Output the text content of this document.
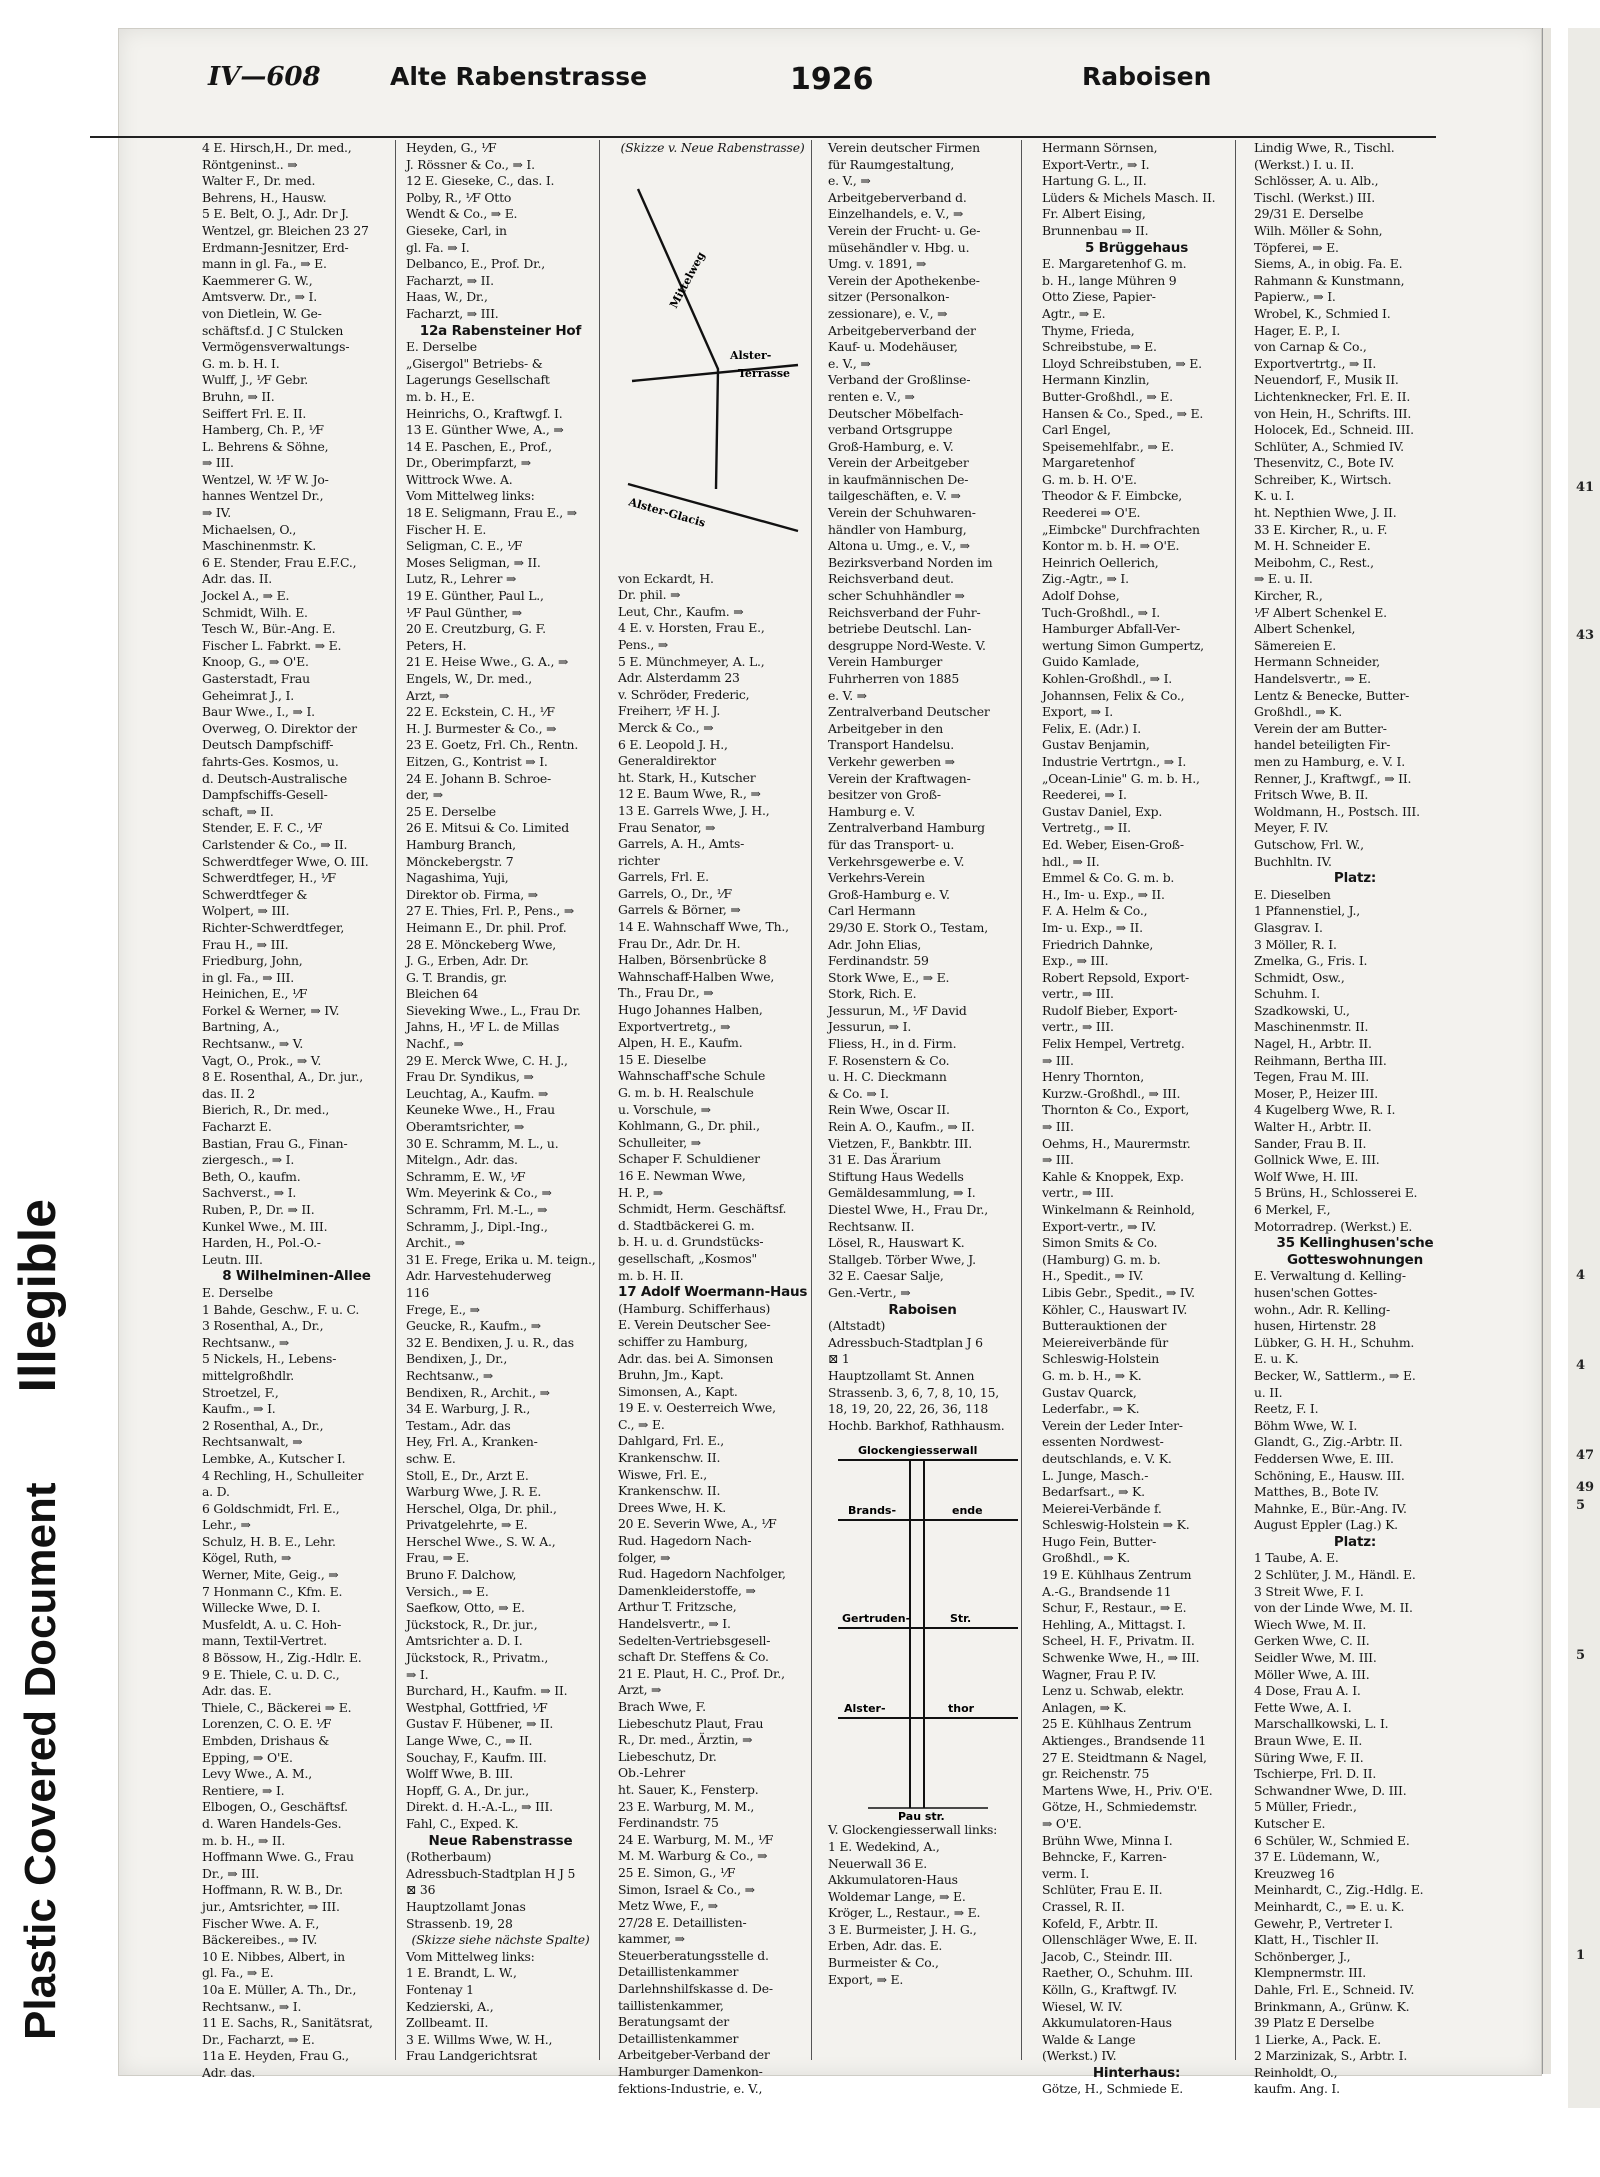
Plastic Covered DocumentIllegible
41
43
4
4
47
49
5
5
1
IV—608	Alte Rabenstrasse	1926	Raboisen
4 E. Hirsch,H., Dr. med.,
Röntgeninst.. ⇒
Walter F., Dr. med.
Behrens, H., Hausw.
5 E. Belt, O. J., Adr. Dr J.
Wentzel, gr. Bleichen 23 27
Erdmann-Jesnitzer, Erd-
mann in gl. Fa., ⇒ E.
Kaemmerer G. W.,
Amtsverw. Dr., ⇒ I.
von Dietlein, W. Ge-
schäftsf.d. J C Stulcken
Vermögensverwaltungs-
G. m. b. H. I.
Wulff, J., ⅟F Gebr.
Bruhn, ⇒ II.
Seiffert Frl. E. II.
Hamberg, Ch. P., ⅟F
L. Behrens & Söhne,
⇒ III.
Wentzel, W. ⅟F W. Jo-
hannes Wentzel Dr.,
⇒ IV.
Michaelsen, O.,
Maschinenmstr. K.
6 E. Stender, Frau E.F.C.,
Adr. das. II.
Jockel A., ⇒ E.
Schmidt, Wilh. E.
Tesch W., Bür.-Ang. E.
Fischer L. Fabrkt. ⇒ E.
Knoop, G., ⇒ O'E.
Gasterstadt, Frau
Geheimrat J., I.
Baur Wwe., I., ⇒ I.
Overweg, O. Direktor der
Deutsch Dampfschiff-
fahrts-Ges. Kosmos, u.
d. Deutsch-Australische
Dampfschiffs-Gesell-
schaft, ⇒ II.
Stender, E. F. C., ⅟F
Carlstender & Co., ⇒ II.
Schwerdtfeger Wwe, O. III.
Schwerdtfeger, H., ⅟F
Schwerdtfeger &
Wolpert, ⇒ III.
Richter-Schwerdtfeger,
Frau H., ⇒ III.
Friedburg, John,
in gl. Fa., ⇒ III.
Heinichen, E., ⅟F
Forkel & Werner, ⇒ IV.
Bartning, A.,
Rechtsanw., ⇒ V.
Vagt, O., Prok., ⇒ V.
8 E. Rosenthal, A., Dr. jur.,
das. II. 2
Bierich, R., Dr. med.,
Facharzt E.
Bastian, Frau G., Finan-
ziergesch., ⇒ I.
Beth, O., kaufm.
Sachverst., ⇒ I.
Ruben, P., Dr. ⇒ II.
Kunkel Wwe., M. III.
Harden, H., Pol.-O.-
Leutn. III.
8 Wilhelminen-Allee
E. Derselbe
1 Bahde, Geschw., F. u. C.
3 Rosenthal, A., Dr.,
Rechtsanw., ⇒
5 Nickels, H., Lebens-
mittelgroßhdlr.
Stroetzel, F.,
Kaufm., ⇒ I.
2 Rosenthal, A., Dr.,
Rechtsanwalt, ⇒
Lembke, A., Kutscher I.
4 Rechling, H., Schulleiter
a. D.
6 Goldschmidt, Frl. E.,
Lehr., ⇒
Schulz, H. B. E., Lehr.
Kögel, Ruth, ⇒
Werner, Mite, Geig., ⇒
7 Honmann C., Kfm. E.
Willecke Wwe, D. I.
Musfeldt, A. u. C. Hoh-
mann, Textil-Vertret.
8 Bössow, H., Zig.-Hdlr. E.
9 E. Thiele, C. u. D. C.,
Adr. das. E.
Thiele, C., Bäckerei ⇒ E.
Lorenzen, C. O. E. ⅟F
Embden, Drishaus &
Epping, ⇒ O'E.
Levy Wwe., A. M.,
Rentiere, ⇒ I.
Elbogen, O., Geschäftsf.
d. Waren Handels-Ges.
m. b. H., ⇒ II.
Hoffmann Wwe. G., Frau
Dr., ⇒ III.
Hoffmann, R. W. B., Dr.
jur., Amtsrichter, ⇒ III.
Fischer Wwe. A. F.,
Bäckereibes., ⇒ IV.
10 E. Nibbes, Albert, in
gl. Fa., ⇒ E.
10a E. Müller, A. Th., Dr.,
Rechtsanw., ⇒ I.
11 E. Sachs, R., Sanitätsrat,
Dr., Facharzt, ⇒ E.
11a E. Heyden, Frau G.,
Adr. das.
Heyden, G., ⅟F
J. Rössner & Co., ⇒ I.
12 E. Gieseke, C., das. I.
Polby, R., ⅟F Otto
Wendt & Co., ⇒ E.
Gieseke, Carl, in
gl. Fa. ⇒ I.
Delbanco, E., Prof. Dr.,
Facharzt, ⇒ II.
Haas, W., Dr.,
Facharzt, ⇒ III.
12a Rabensteiner Hof
E. Derselbe
„Gisergol" Betriebs- &
Lagerungs Gesellschaft
m. b. H., E.
Heinrichs, O., Kraftwgf. I.
13 E. Günther Wwe, A., ⇒
14 E. Paschen, E., Prof.,
Dr., Oberimpfarzt, ⇒
Wittrock Wwe. A.
Vom Mittelweg links:
18 E. Seligmann, Frau E., ⇒
Fischer H. E.
Seligman, C. E., ⅟F
Moses Seligman, ⇒ II.
Lutz, R., Lehrer ⇒
19 E. Günther, Paul L.,
⅟F Paul Günther, ⇒
20 E. Creutzburg, G. F.
Peters, H.
21 E. Heise Wwe., G. A., ⇒
Engels, W., Dr. med.,
Arzt, ⇒
22 E. Eckstein, C. H., ⅟F
H. J. Burmester & Co., ⇒
23 E. Goetz, Frl. Ch., Rentn.
Eitzen, G., Kontrist ⇒ I.
24 E. Johann B. Schroe-
der, ⇒
25 E. Derselbe
26 E. Mitsui & Co. Limited
Hamburg Branch,
Mönckebergstr. 7
Nagashima, Yuji,
Direktor ob. Firma, ⇒
27 E. Thies, Frl. P., Pens., ⇒
Heimann E., Dr. phil. Prof.
28 E. Mönckeberg Wwe,
J. G., Erben, Adr. Dr.
G. T. Brandis, gr.
Bleichen 64
Sieveking Wwe., L., Frau Dr.
Jahns, H., ⅟F L. de Millas
Nachf., ⇒
29 E. Merck Wwe, C. H. J.,
Frau Dr. Syndikus, ⇒
Leuchtag, A., Kaufm. ⇒
Keuneke Wwe., H., Frau
Oberamtsrichter, ⇒
30 E. Schramm, M. L., u.
Mitelgn., Adr. das.
Schramm, E. W., ⅟F
Wm. Meyerink & Co., ⇒
Schramm, Frl. M.-L., ⇒
Schramm, J., Dipl.-Ing.,
Archit., ⇒
31 E. Frege, Erika u. M. teign.,
Adr. Harvestehuderweg
116
Frege, E., ⇒
Geucke, R., Kaufm., ⇒
32 E. Bendixen, J. u. R., das
Bendixen, J., Dr.,
Rechtsanw., ⇒
Bendixen, R., Archit., ⇒
34 E. Warburg, J. R.,
Testam., Adr. das
Hey, Frl. A., Kranken-
schw. E.
Stoll, E., Dr., Arzt E.
Warburg Wwe, J. R. E.
Herschel, Olga, Dr. phil.,
Privatgelehrte, ⇒ E.
Herschel Wwe., S. W. A.,
Frau, ⇒ E.
Bruno F. Dalchow,
Versich., ⇒ E.
Saefkow, Otto, ⇒ E.
Jückstock, R., Dr. jur.,
Amtsrichter a. D. I.
Jückstock, R., Privatm.,
⇒ I.
Burchard, H., Kaufm. ⇒ II.
Westphal, Gottfried, ⅟F
Gustav F. Hübener, ⇒ II.
Lange Wwe, C., ⇒ II.
Souchay, F., Kaufm. III.
Wolff Wwe, B. III.
Hopff, G. A., Dr. jur.,
Direkt. d. H.-A.-L., ⇒ III.
Fahl, C., Exped. K.
Neue Rabenstrasse
(Rotherbaum)
Adressbuch-Stadtplan H J 5
⊠ 36
Hauptzollamt Jonas
Strassenb. 19, 28
(Skizze siehe nächste Spalte)
Vom Mittelweg links:
1 E. Brandt, L. W.,
Fontenay 1
Kedzierski, A.,
Zollbeamt. II.
3 E. Willms Wwe, W. H.,
Frau Landgerichtsrat
(Skizze v. Neue Rabenstrasse)
Mittelweg
Alster-
Terrasse
Alster-Glacis
von Eckardt, H.
Dr. phil. ⇒
Leut, Chr., Kaufm. ⇒
4 E. v. Horsten, Frau E.,
Pens., ⇒
5 E. Münchmeyer, A. L.,
Adr. Alsterdamm 23
v. Schröder, Frederic,
Freiherr, ⅟F H. J.
Merck & Co., ⇒
6 E. Leopold J. H.,
Generaldirektor
ht. Stark, H., Kutscher
12 E. Baum Wwe, R., ⇒
13 E. Garrels Wwe, J. H.,
Frau Senator, ⇒
Garrels, A. H., Amts-
richter
Garrels, Frl. E.
Garrels, O., Dr., ⅟F
Garrels & Börner, ⇒
14 E. Wahnschaff Wwe, Th.,
Frau Dr., Adr. Dr. H.
Halben, Börsenbrücke 8
Wahnschaff-Halben Wwe,
Th., Frau Dr., ⇒
Hugo Johannes Halben,
Exportvertretg., ⇒
Alpen, H. E., Kaufm.
15 E. Dieselbe
Wahnschaff'sche Schule
G. m. b. H. Realschule
u. Vorschule, ⇒
Kohlmann, G., Dr. phil.,
Schulleiter, ⇒
Schaper F. Schuldiener
16 E. Newman Wwe,
H. P., ⇒
Schmidt, Herm. Geschäftsf.
d. Stadtbäckerei G. m.
b. H. u. d. Grundstücks-
gesellschaft, „Kosmos"
m. b. H. II.
17 Adolf Woermann-Haus
(Hamburg. Schifferhaus)
E. Verein Deutscher See-
schiffer zu Hamburg,
Adr. das. bei A. Simonsen
Bruhn, Jm., Kapt.
Simonsen, A., Kapt.
19 E. v. Oesterreich Wwe,
C., ⇒ E.
Dahlgard, Frl. E.,
Krankenschw. II.
Wiswe, Frl. E.,
Krankenschw. II.
Drees Wwe, H. K.
20 E. Severin Wwe, A., ⅟F
Rud. Hagedorn Nach-
folger, ⇒
Rud. Hagedorn Nachfolger,
Damenkleiderstoffe, ⇒
Arthur T. Fritzsche,
Handelsvertr., ⇒ I.
Sedelten-Vertriebsgesell-
schaft Dr. Steffens & Co.
21 E. Plaut, H. C., Prof. Dr.,
Arzt, ⇒
Brach Wwe, F.
Liebeschutz Plaut, Frau
R., Dr. med., Ärztin, ⇒
Liebeschutz, Dr.
Ob.-Lehrer
ht. Sauer, K., Fensterp.
23 E. Warburg, M. M.,
Ferdinandstr. 75
24 E. Warburg, M. M., ⅟F
M. M. Warburg & Co., ⇒
25 E. Simon, G., ⅟F
Simon, Israel & Co., ⇒
Metz Wwe, F., ⇒
27/28 E. Detaillisten-
kammer, ⇒
Steuerberatungsstelle d.
Detaillistenkammer
Darlehnshilfskasse d. De-
taillistenkammer,
Beratungsamt der
Detaillistenkammer
Arbeitgeber-Verband der
Hamburger Damenkon-
fektions-Industrie, e. V.,
Verein deutscher Firmen
für Raumgestaltung,
e. V., ⇒
Arbeitgeberverband d.
Einzelhandels, e. V., ⇒
Verein der Frucht- u. Ge-
müsehändler v. Hbg. u.
Umg. v. 1891, ⇒
Verein der Apothekenbe-
sitzer (Personalkon-
zessionare), e. V., ⇒
Arbeitgeberverband der
Kauf- u. Modehäuser,
e. V., ⇒
Verband der Großlinse-
renten e. V., ⇒
Deutscher Möbelfach-
verband Ortsgruppe
Groß-Hamburg, e. V.
Verein der Arbeitgeber
in kaufmännischen De-
tailgeschäften, e. V. ⇒
Verein der Schuhwaren-
händler von Hamburg,
Altona u. Umg., e. V., ⇒
Bezirksverband Norden im
Reichsverband deut.
scher Schuhhändler ⇒
Reichsverband der Fuhr-
betriebe Deutschl. Lan-
desgruppe Nord-Weste. V.
Verein Hamburger
Fuhrherren von 1885
e. V. ⇒
Zentralverband Deutscher
Arbeitgeber in den
Transport Handelsu.
Verkehr gewerben ⇒
Verein der Kraftwagen-
besitzer von Groß-
Hamburg e. V.
Zentralverband Hamburg
für das Transport- u.
Verkehrsgewerbe e. V.
Verkehrs-Verein
Groß-Hamburg e. V.
Carl Hermann
29/30 E. Stork O., Testam,
Adr. John Elias,
Ferdinandstr. 59
Stork Wwe, E., ⇒ E.
Stork, Rich. E.
Jessurun, M., ⅟F David
Jessurun, ⇒ I.
Fliess, H., in d. Firm.
F. Rosenstern & Co.
u. H. C. Dieckmann
& Co. ⇒ I.
Rein Wwe, Oscar II.
Rein A. O., Kaufm., ⇒ II.
Vietzen, F., Bankbtr. III.
31 E. Das Ärarium
Stiftung Haus Wedells
Gemäldesammlung, ⇒ I.
Diestel Wwe, H., Frau Dr.,
Rechtsanw. II.
Lösel, R., Hauswart K.
Stallgeb. Törber Wwe, J.
32 E. Caesar Salje,
Gen.-Vertr., ⇒
Raboisen
(Altstadt)
Adressbuch-Stadtplan J 6
⊠ 1
Hauptzollamt St. Annen
Strassenb. 3, 6, 7, 8, 10, 15,
18, 19, 20, 22, 26, 36, 118
Hochb. Barkhof, Rathhausm.
Glockengiesserwall
Brands-	ende
Gertruden-	Str.
Alster-	thor
Pau str.
V. Glockengiesserwall links:
1 E. Wedekind, A.,
Neuerwall 36 E.
Akkumulatoren-Haus
Woldemar Lange, ⇒ E.
Kröger, L., Restaur., ⇒ E.
3 E. Burmeister, J. H. G.,
Erben, Adr. das. E.
Burmeister & Co.,
Export, ⇒ E.
Hermann Sörnsen,
Export-Vertr., ⇒ I.
Hartung G. L., II.
Lüders & Michels Masch. II.
Fr. Albert Eising,
Brunnenbau ⇒ II.
5 Brüggehaus
E. Margaretenhof G. m.
b. H., lange Mühren 9
Otto Ziese, Papier-
Agtr., ⇒ E.
Thyme, Frieda,
Schreibstube, ⇒ E.
Lloyd Schreibstuben, ⇒ E.
Hermann Kinzlin,
Butter-Großhdl., ⇒ E.
Hansen & Co., Sped., ⇒ E.
Carl Engel,
Speisemehlfabr., ⇒ E.
Margaretenhof
G. m. b. H. O'E.
Theodor & F. Eimbcke,
Reederei ⇒ O'E.
„Eimbcke" Durchfrachten
Kontor m. b. H. ⇒ O'E.
Heinrich Oellerich,
Zig.-Agtr., ⇒ I.
Adolf Dohse,
Tuch-Großhdl., ⇒ I.
Hamburger Abfall-Ver-
wertung Simon Gumpertz,
Guido Kamlade,
Kohlen-Großhdl., ⇒ I.
Johannsen, Felix & Co.,
Export, ⇒ I.
Felix, E. (Adr.) I.
Gustav Benjamin,
Industrie Vertrtgn., ⇒ I.
„Ocean-Linie" G. m. b. H.,
Reederei, ⇒ I.
Gustav Daniel, Exp.
Vertretg., ⇒ II.
Ed. Weber, Eisen-Groß-
hdl., ⇒ II.
Emmel & Co. G. m. b.
H., Im- u. Exp., ⇒ II.
F. A. Helm & Co.,
Im- u. Exp., ⇒ II.
Friedrich Dahnke,
Exp., ⇒ III.
Robert Repsold, Export-
vertr., ⇒ III.
Rudolf Bieber, Export-
vertr., ⇒ III.
Felix Hempel, Vertretg.
⇒ III.
Henry Thornton,
Kurzw.-Großhdl., ⇒ III.
Thornton & Co., Export,
⇒ III.
Oehms, H., Maurermstr.
⇒ III.
Kahle & Knoppek, Exp.
vertr., ⇒ III.
Winkelmann & Reinhold,
Export-vertr., ⇒ IV.
Simon Smits & Co.
(Hamburg) G. m. b.
H., Spedit., ⇒ IV.
Libis Gebr., Spedit., ⇒ IV.
Köhler, C., Hauswart IV.
Butterauktionen der
Meiereiverbände für
Schleswig-Holstein
G. m. b. H., ⇒ K.
Gustav Quarck,
Lederfabr., ⇒ K.
Verein der Leder Inter-
essenten Nordwest-
deutschlands, e. V. K.
L. Junge, Masch.-
Bedarfsart., ⇒ K.
Meierei-Verbände f.
Schleswig-Holstein ⇒ K.
Hugo Fein, Butter-
Großhdl., ⇒ K.
19 E. Kühlhaus Zentrum
A.-G., Brandsende 11
Schur, F., Restaur., ⇒ E.
Hehling, A., Mittagst. I.
Scheel, H. F., Privatm. II.
Schwenke Wwe, H., ⇒ III.
Wagner, Frau P. IV.
Lenz u. Schwab, elektr.
Anlagen, ⇒ K.
25 E. Kühlhaus Zentrum
Aktienges., Brandsende 11
27 E. Steidtmann & Nagel,
gr. Reichenstr. 75
Martens Wwe, H., Priv. O'E.
Götze, H., Schmiedemstr.
⇒ O'E.
Brühn Wwe, Minna I.
Behncke, F., Karren-
verm. I.
Schlüter, Frau E. II.
Crassel, R. II.
Kofeld, F., Arbtr. II.
Ollenschläger Wwe, E. II.
Jacob, C., Steindr. III.
Raether, O., Schuhm. III.
Kölln, G., Kraftwgf. IV.
Wiesel, W. IV.
Akkumulatoren-Haus
Walde & Lange
(Werkst.) IV.
Hinterhaus:
Götze, H., Schmiede E.
Lindig Wwe, R., Tischl.
(Werkst.) I. u. II.
Schlösser, A. u. Alb.,
Tischl. (Werkst.) III.
29/31 E. Derselbe
Wilh. Möller & Sohn,
Töpferei, ⇒ E.
Siems, A., in obig. Fa. E.
Rahmann & Kunstmann,
Papierw., ⇒ I.
Wrobel, K., Schmied I.
Hager, E. P., I.
von Carnap & Co.,
Exportvertrtg., ⇒ II.
Neuendorf, F., Musik II.
Lichtenknecker, Frl. E. II.
von Hein, H., Schrifts. III.
Holocek, Ed., Schneid. III.
Schlüter, A., Schmied IV.
Thesenvitz, C., Bote IV.
Schreiber, K., Wirtsch.
K. u. I.
ht. Nepthien Wwe, J. II.
33 E. Kircher, R., u. F.
M. H. Schneider E.
Meibohm, C., Rest.,
⇒ E. u. II.
Kircher, R.,
⅟F Albert Schenkel E.
Albert Schenkel,
Sämereien E.
Hermann Schneider,
Handelsvertr., ⇒ E.
Lentz & Benecke, Butter-
Großhdl., ⇒ K.
Verein der am Butter-
handel beteiligten Fir-
men zu Hamburg, e. V. I.
Renner, J., Kraftwgf., ⇒ II.
Fritsch Wwe, B. II.
Woldmann, H., Postsch. III.
Meyer, F. IV.
Gutschow, Frl. W.,
Buchhltn. IV.
Platz:
E. Dieselben
1 Pfannenstiel, J.,
Glasgrav. I.
3 Möller, R. I.
Zmelka, G., Fris. I.
Schmidt, Osw.,
Schuhm. I.
Szadkowski, U.,
Maschinenmstr. II.
Nagel, H., Arbtr. II.
Reihmann, Bertha III.
Tegen, Frau M. III.
Moser, P., Heizer III.
4 Kugelberg Wwe, R. I.
Walter H., Arbtr. II.
Sander, Frau B. II.
Gollnick Wwe, E. III.
Wolf Wwe, H. III.
5 Brüns, H., Schlosserei E.
6 Merkel, F.,
Motorradrep. (Werkst.) E.
35 Kellinghusen'sche
Gotteswohnungen
E. Verwaltung d. Kelling-
husen'schen Gottes-
wohn., Adr. R. Kelling-
husen, Hirtenstr. 28
Lübker, G. H. H., Schuhm.
E. u. K.
Becker, W., Sattlerm., ⇒ E.
u. II.
Reetz, F. I.
Böhm Wwe, W. I.
Glandt, G., Zig.-Arbtr. II.
Feddersen Wwe, E. III.
Schöning, E., Hausw. III.
Matthes, B., Bote IV.
Mahnke, E., Bür.-Ang. IV.
August Eppler (Lag.) K.
Platz:
1 Taube, A. E.
2 Schlüter, J. M., Händl. E.
3 Streit Wwe, F. I.
von der Linde Wwe, M. II.
Wiech Wwe, M. II.
Gerken Wwe, C. II.
Seidler Wwe, M. III.
Möller Wwe, A. III.
4 Dose, Frau A. I.
Fette Wwe, A. I.
Marschallkowski, L. I.
Braun Wwe, E. II.
Süring Wwe, F. II.
Tschierpe, Frl. D. II.
Schwandner Wwe, D. III.
5 Müller, Friedr.,
Kutscher E.
6 Schüler, W., Schmied E.
37 E. Lüdemann, W.,
Kreuzweg 16
Meinhardt, C., Zig.-Hdlg. E.
Meinhardt, C., ⇒ E. u. K.
Gewehr, P., Vertreter I.
Klatt, H., Tischler II.
Schönberger, J.,
Klempnermstr. III.
Dahle, Frl. E., Schneid. IV.
Brinkmann, A., Grünw. K.
39 Platz E Derselbe
1 Lierke, A., Pack. E.
2 Marzinizak, S., Arbtr. I.
Reinholdt, O.,
kaufm. Ang. I.
